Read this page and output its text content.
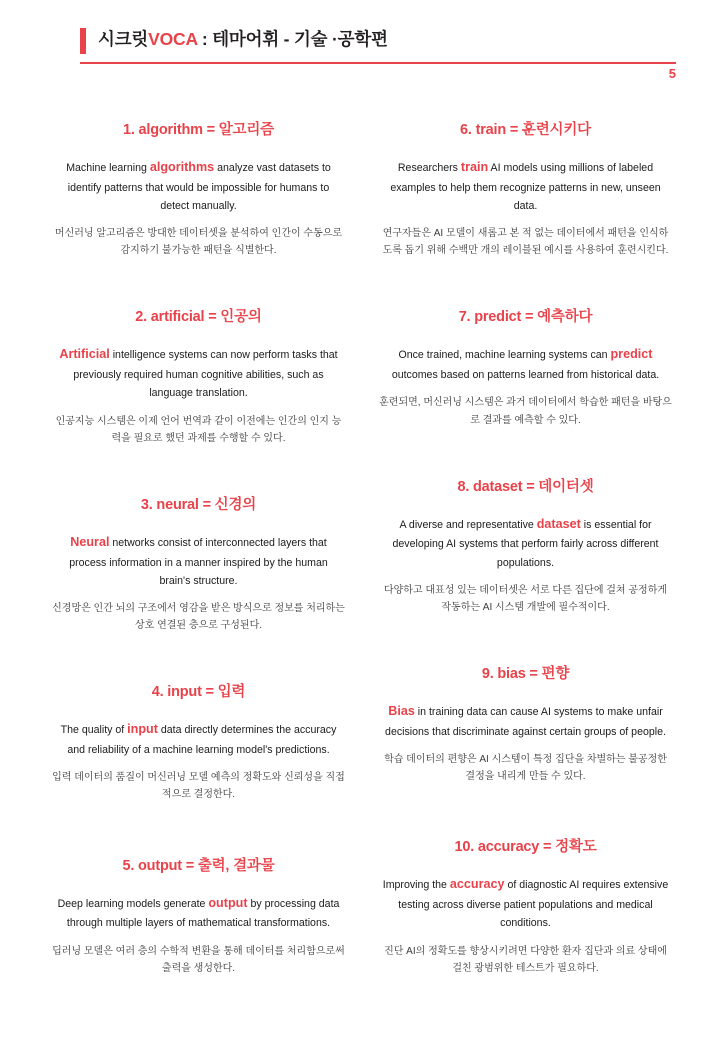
시크릿VOCA : 테마어휘 - 기술 ·공학편
5
1. algorithm = 알고리즘
Machine learning algorithms analyze vast datasets to identify patterns that would be impossible for humans to detect manually.
머신러닝 알고리즘은 방대한 데이터셋을 분석하여 인간이 수동으로 감지하기 불가능한 패턴을 식별한다.
2. artificial = 인공의
Artificial intelligence systems can now perform tasks that previously required human cognitive abilities, such as language translation.
인공지능 시스템은 이제 언어 번역과 같이 이전에는 인간의 인지 능력을 필요로 했던 과제를 수행할 수 있다.
3. neural = 신경의
Neural networks consist of interconnected layers that process information in a manner inspired by the human brain's structure.
신경망은 인간 뇌의 구조에서 영감을 받은 방식으로 정보를 처리하는 상호 연결된 층으로 구성된다.
4. input = 입력
The quality of input data directly determines the accuracy and reliability of a machine learning model's predictions.
입력 데이터의 품질이 머신러닝 모델 예측의 정확도와 신뢰성을 직접적으로 결정한다.
5. output = 출력, 결과물
Deep learning models generate output by processing data through multiple layers of mathematical transformations.
딥러닝 모델은 여러 층의 수학적 변환을 통해 데이터를 처리함으로써 출력을 생성한다.
6. train = 훈련시키다
Researchers train AI models using millions of labeled examples to help them recognize patterns in new, unseen data.
연구자들은 AI 모델이 새롭고 본 적 없는 데이터에서 패턴을 인식하도록 돕기 위해 수백만 개의 레이블된 예시를 사용하여 훈련시킨다.
7. predict = 예측하다
Once trained, machine learning systems can predict outcomes based on patterns learned from historical data.
훈련되면, 머신러닝 시스템은 과거 데이터에서 학습한 패턴을 바탕으로 결과를 예측할 수 있다.
8. dataset = 데이터셋
A diverse and representative dataset is essential for developing AI systems that perform fairly across different populations.
다양하고 대표성 있는 데이터셋은 서로 다른 집단에 걸쳐 공정하게 작동하는 AI 시스템 개발에 필수적이다.
9. bias = 편향
Bias in training data can cause AI systems to make unfair decisions that discriminate against certain groups of people.
학습 데이터의 편향은 AI 시스템이 특정 집단을 차별하는 불공정한 결정을 내리게 만들 수 있다.
10. accuracy = 정확도
Improving the accuracy of diagnostic AI requires extensive testing across diverse patient populations and medical conditions.
진단 AI의 정확도를 향상시키려면 다양한 환자 집단과 의료 상태에 걸친 광범위한 테스트가 필요하다.
